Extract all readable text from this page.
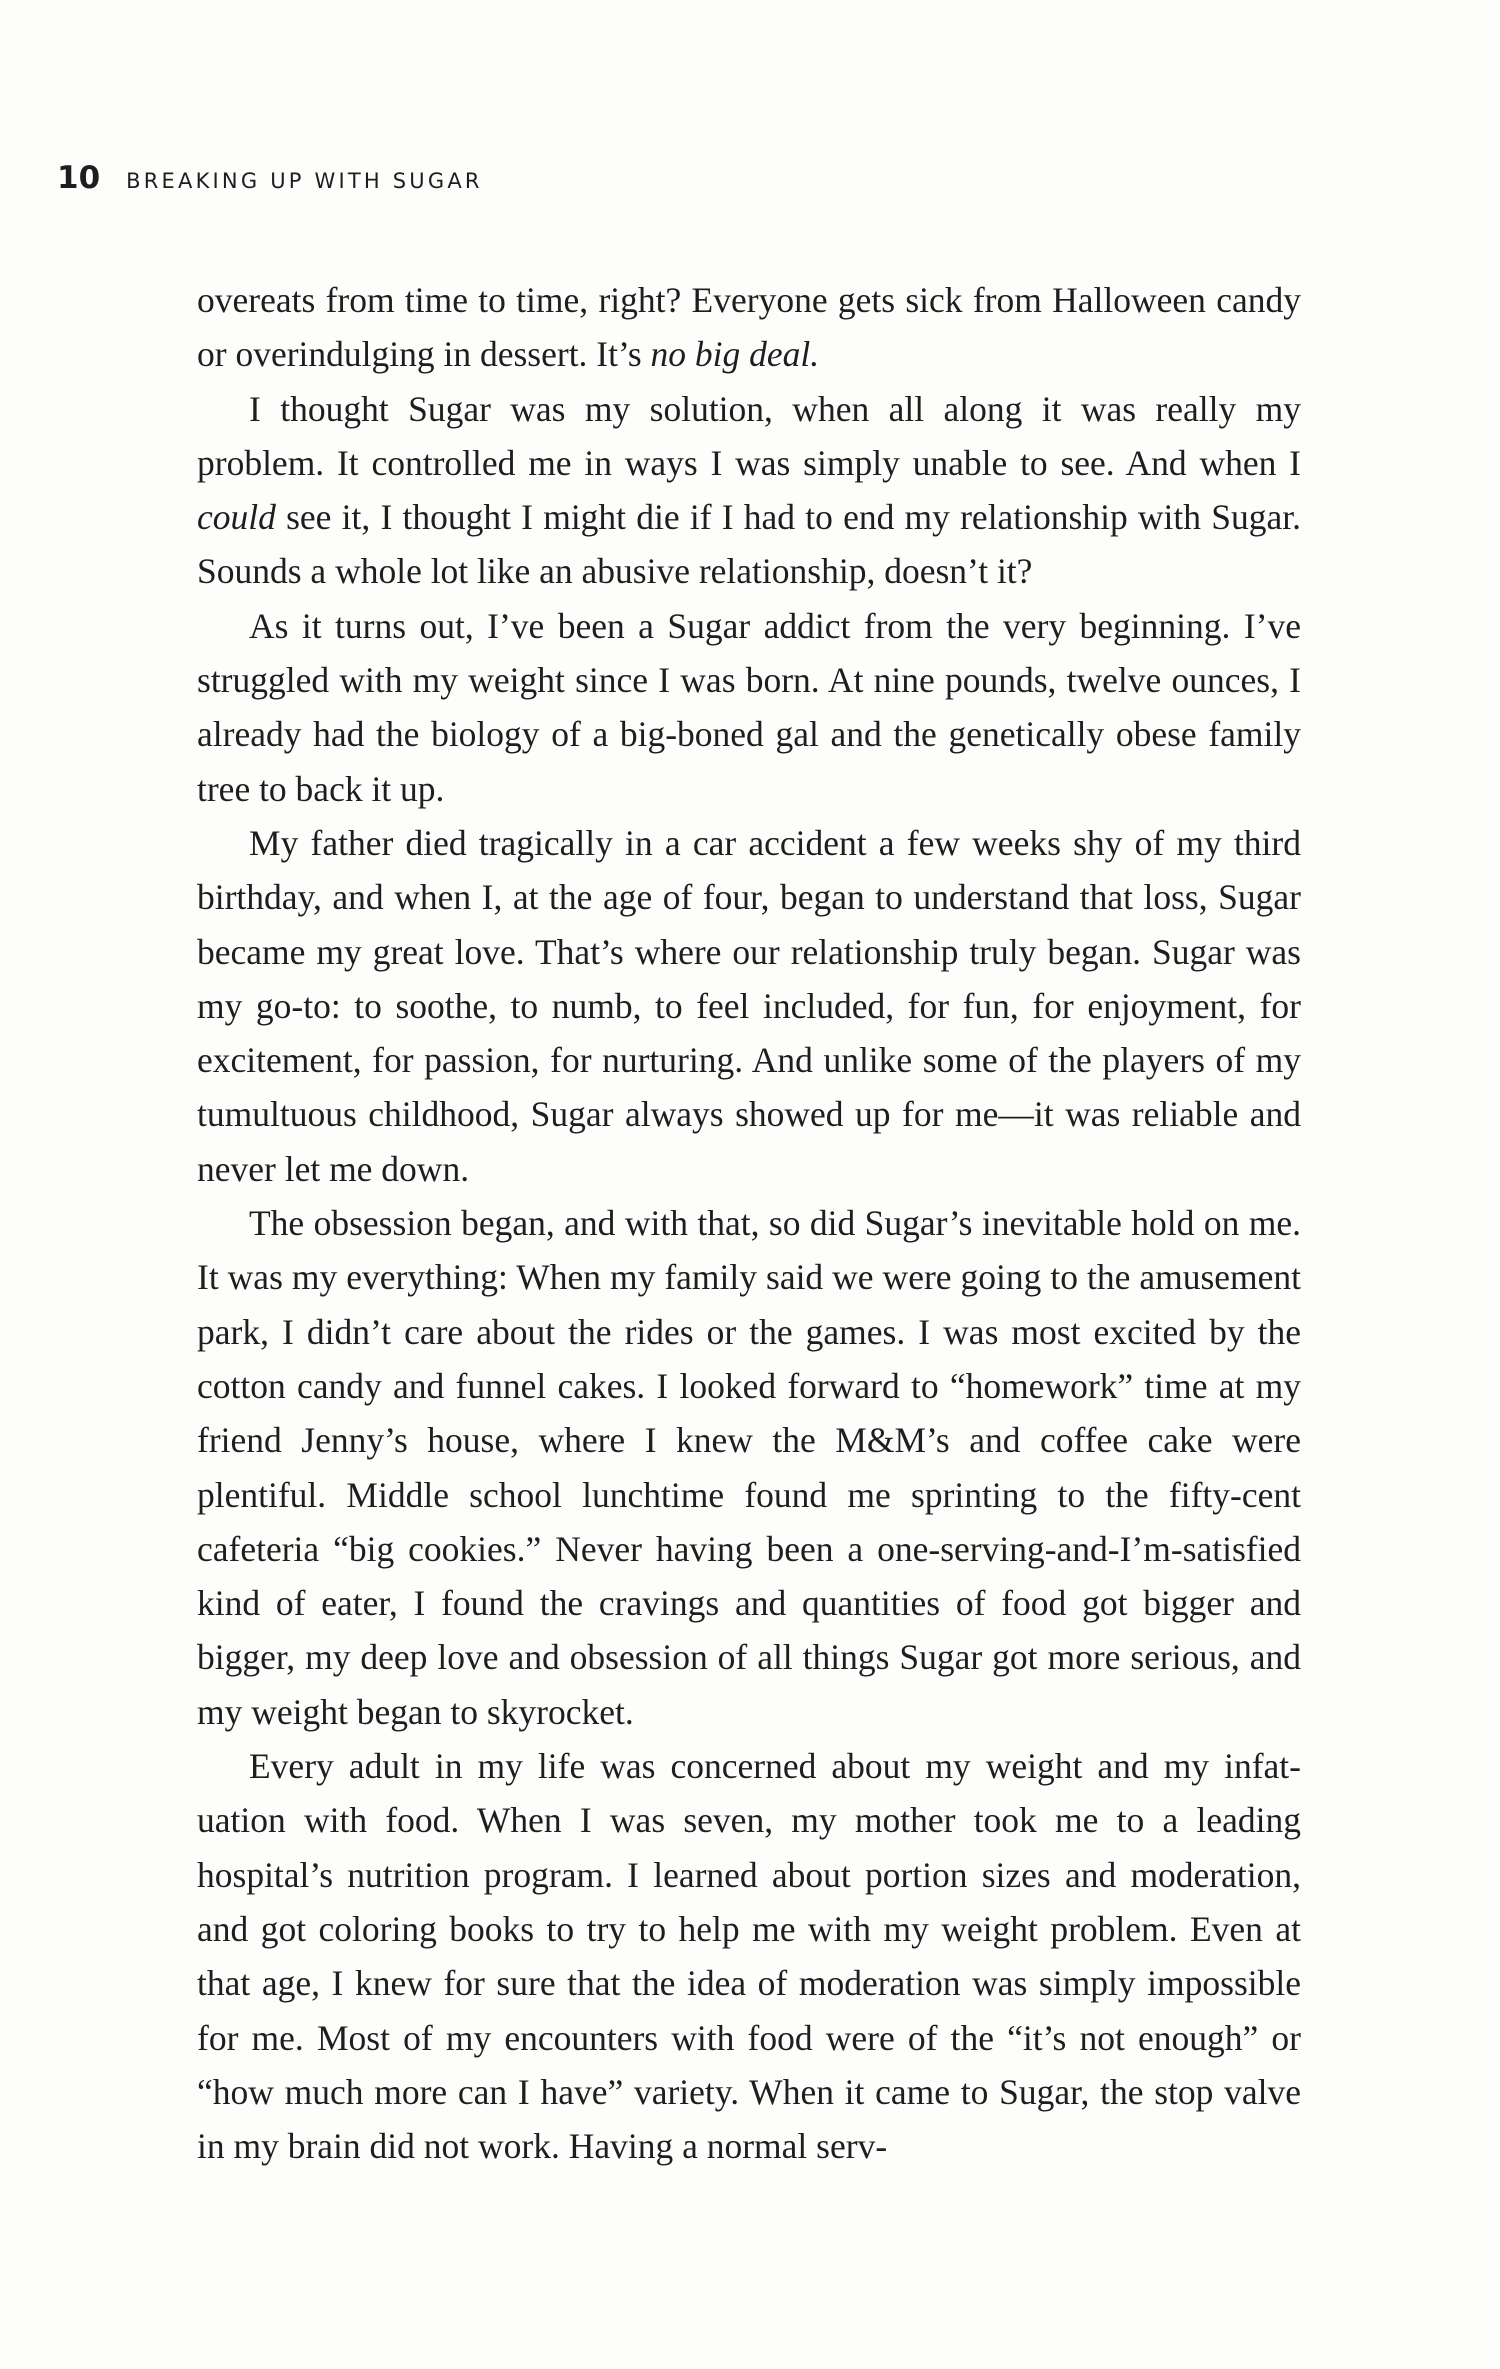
10 BREAKING UP WITH SUGAR

overeats from time to time, right? Everyone gets sick from Halloween candy or overindulging in dessert. It’s no big deal.

I thought Sugar was my solution, when all along it was really my problem. It controlled me in ways I was simply unable to see. And when I could see it, I thought I might die if I had to end my relationship with Sugar. Sounds a whole lot like an abusive relationship, doesn’t it?

As it turns out, I’ve been a Sugar addict from the very beginning. I’ve struggled with my weight since I was born. At nine pounds, twelve ounces, I already had the biology of a big-boned gal and the genetically obese family tree to back it up.

My father died tragically in a car accident a few weeks shy of my third birthday, and when I, at the age of four, began to understand that loss, Sugar became my great love. That’s where our relationship truly began. Sugar was my go-to: to soothe, to numb, to feel included, for fun, for enjoyment, for excitement, for passion, for nurturing. And unlike some of the players of my tumultuous childhood, Sugar always showed up for me—it was reliable and never let me down.

The obsession began, and with that, so did Sugar’s inevitable hold on me. It was my everything: When my family said we were going to the amusement park, I didn’t care about the rides or the games. I was most excited by the cotton candy and funnel cakes. I looked forward to “homework” time at my friend Jenny’s house, where I knew the M&M’s and coffee cake were plentiful. Middle school lunchtime found me sprinting to the fifty-cent cafeteria “big cookies.” Never having been a one-serving-and-I’m-satisfied kind of eater, I found the cravings and quantities of food got bigger and bigger, my deep love and obsession of all things Sugar got more serious, and my weight began to skyrocket.

Every adult in my life was concerned about my weight and my infatuation with food. When I was seven, my mother took me to a leading hospital’s nutrition program. I learned about portion sizes and moderation, and got coloring books to try to help me with my weight problem. Even at that age, I knew for sure that the idea of moderation was simply impossible for me. Most of my encounters with food were of the “it’s not enough” or “how much more can I have” variety. When it came to Sugar, the stop valve in my brain did not work. Having a normal serv-
